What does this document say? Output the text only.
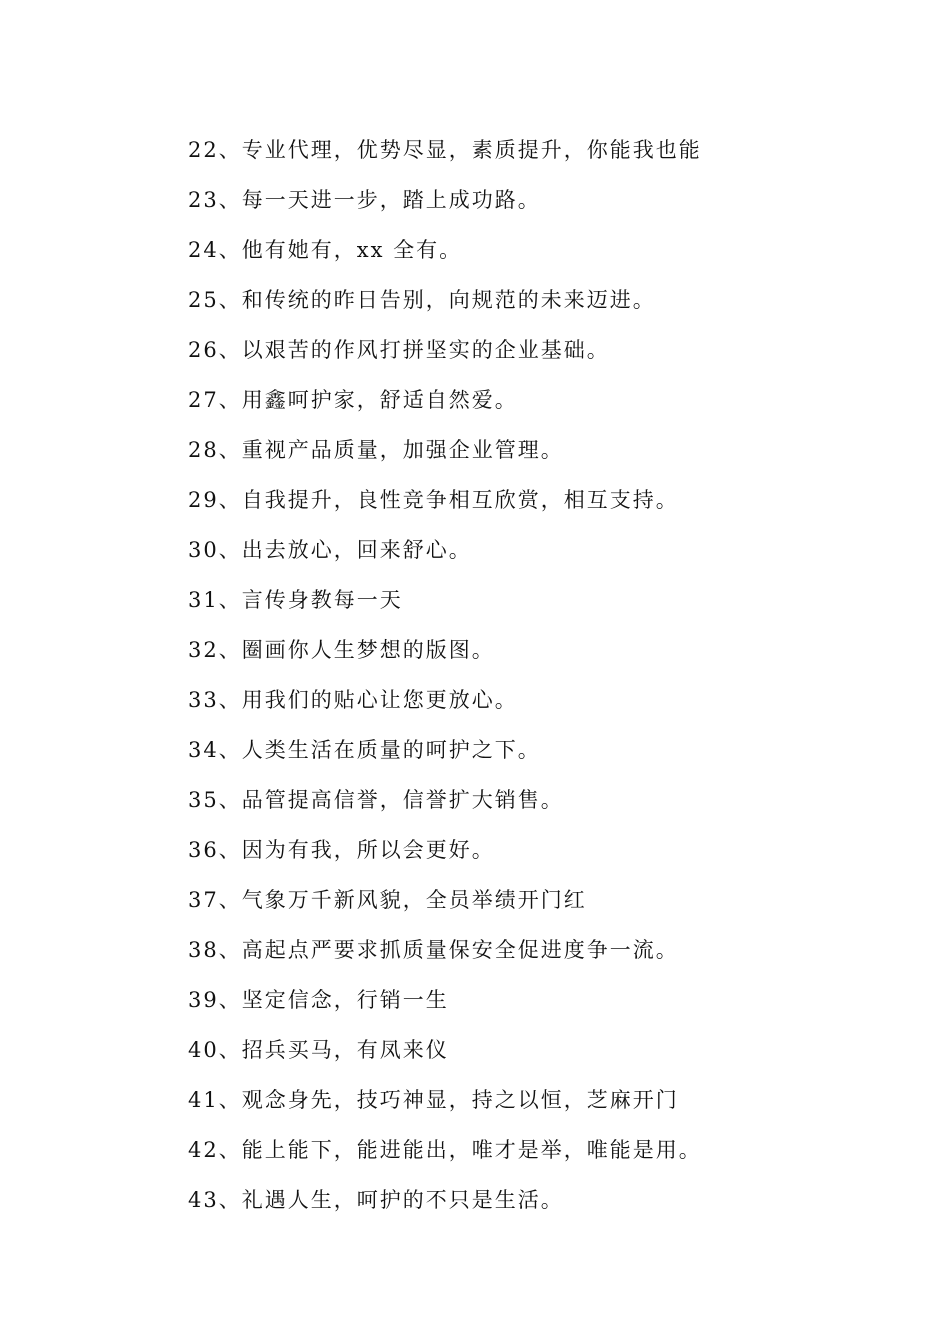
22、专业代理，优势尽显，素质提升，你能我也能
23、每一天进一步，踏上成功路。
24、他有她有，xx 全有。
25、和传统的昨日告别，向规范的未来迈进。
26、以艰苦的作风打拼坚实的企业基础。
27、用鑫呵护家，舒适自然爱。
28、重视产品质量，加强企业管理。
29、自我提升，良性竞争相互欣赏，相互支持。
30、出去放心，回来舒心。
31、言传身教每一天
32、圈画你人生梦想的版图。
33、用我们的贴心让您更放心。
34、人类生活在质量的呵护之下。
35、品管提高信誉，信誉扩大销售。
36、因为有我，所以会更好。
37、气象万千新风貌，全员举绩开门红
38、高起点严要求抓质量保安全促进度争一流。
39、坚定信念，行销一生
40、招兵买马，有凤来仪
41、观念身先，技巧神显，持之以恒，芝麻开门
42、能上能下，能进能出，唯才是举，唯能是用。
43、礼遇人生，呵护的不只是生活。
